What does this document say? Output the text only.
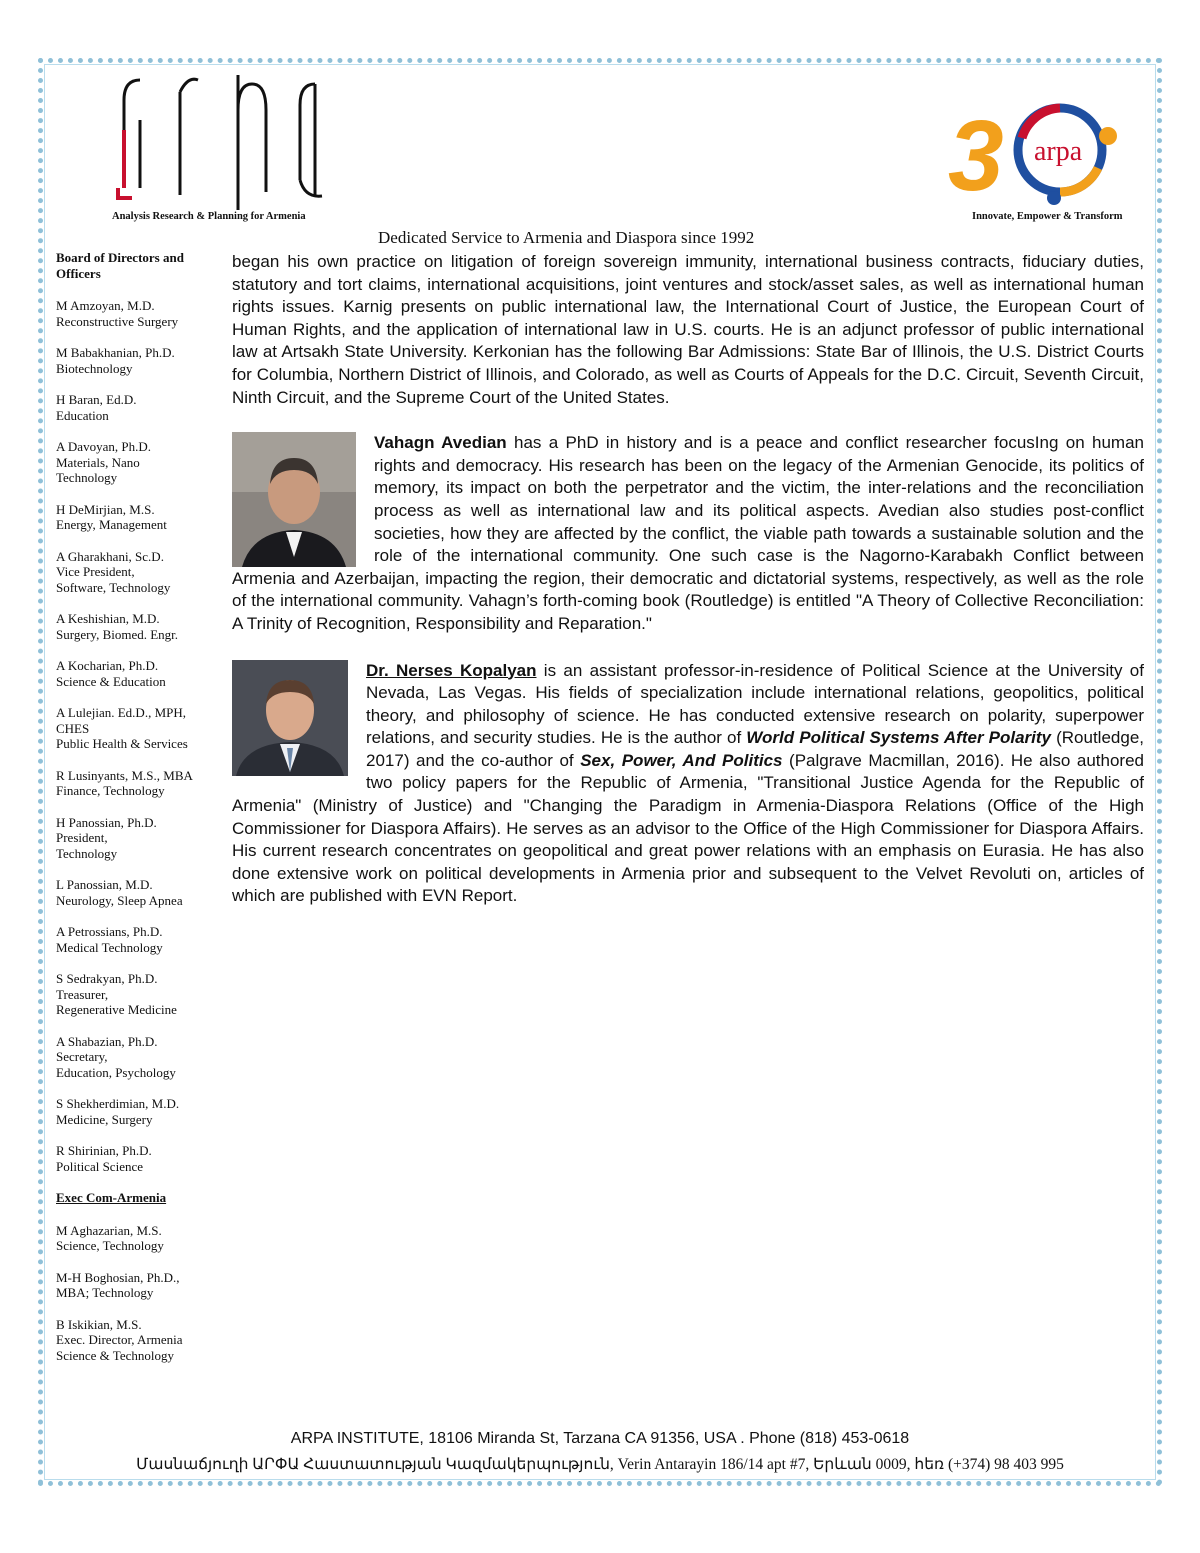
Analysis Research & Planning for Armenia
3 arpa
Innovate, Empower & Transform
Dedicated Service to Armenia and Diaspora since 1992
Board of Directors and Officers
M Amzoyan, M.D.
Reconstructive Surgery
M Babakhanian, Ph.D.
Biotechnology
H Baran, Ed.D.
Education
A Davoyan, Ph.D.
Materials, Nano
Technology
H DeMirjian, M.S.
Energy, Management
A Gharakhani, Sc.D.
Vice President,
Software, Technology
A Keshishian, M.D.
Surgery, Biomed. Engr.
A Kocharian, Ph.D.
Science & Education
A Lulejian. Ed.D., MPH,
CHES
Public Health & Services
R Lusinyants, M.S., MBA
Finance, Technology
H Panossian, Ph.D.
President,
Technology
L Panossian, M.D.
Neurology, Sleep Apnea
A Petrossians, Ph.D.
Medical Technology
S Sedrakyan, Ph.D.
Treasurer,
Regenerative Medicine
A Shabazian, Ph.D.
Secretary,
Education, Psychology
S Shekherdimian, M.D.
Medicine, Surgery
R Shirinian, Ph.D.
Political Science
Exec Com-Armenia
M Aghazarian, M.S.
Science, Technology
M-H Boghosian, Ph.D.,
MBA; Technology
B Iskikian, M.S.
Exec. Director, Armenia
Science & Technology

began his own practice on litigation of foreign sovereign immunity, international business contracts, fiduciary duties, statutory and tort claims, international acquisitions, joint ventures and stock/asset sales, as well as international human rights issues. Karnig presents on public international law, the International Court of Justice, the European Court of Human Rights, and the application of international law in U.S. courts. He is an adjunct professor of public international law at Artsakh State University. Kerkonian has the following Bar Admissions: State Bar of Illinois, the U.S. District Courts for Columbia, Northern District of Illinois, and Colorado, as well as Courts of Appeals for the D.C. Circuit, Seventh Circuit, Ninth Circuit, and the Supreme Court of the United States.

Vahagn Avedian has a PhD in history and is a peace and conflict researcher focusIng on human rights and democracy. His research has been on the legacy of the Armenian Genocide, its politics of memory, its impact on both the perpetrator and the victim, the inter-relations and the reconciliation process as well as international law and its political aspects. Avedian also studies post-conflict societies, how they are affected by the conflict, the viable path towards a sustainable solution and the role of the international community. One such case is the Nagorno-Karabakh Conflict between Armenia and Azerbaijan, impacting the region, their democratic and dictatorial systems, respectively, as well as the role of the international community. Vahagn’s forth-coming book (Routledge) is entitled "A Theory of Collective Reconciliation: A Trinity of Recognition, Responsibility and Reparation."

Dr. Nerses Kopalyan is an assistant professor-in-residence of Political Science at the University of Nevada, Las Vegas. His fields of specialization include international relations, geopolitics, political theory, and philosophy of science. He has conducted extensive research on polarity, superpower relations, and security studies. He is the author of World Political Systems After Polarity (Routledge, 2017) and the co-author of Sex, Power, And Politics (Palgrave Macmillan, 2016). He also authored two policy papers for the Republic of Armenia, "Transitional Justice Agenda for the Republic of Armenia" (Ministry of Justice) and "Changing the Paradigm in Armenia-Diaspora Relations (Office of the High Commissioner for Diaspora Affairs). He serves as an advisor to the Office of the High Commissioner for Diaspora Affairs. His current research concentrates on geopolitical and great power relations with an emphasis on Eurasia. He has also done extensive work on political developments in Armenia prior and subsequent to the Velvet Revoluti on, articles of which are published with EVN Report.

ARPA INSTITUTE, 18106 Miranda St, Tarzana CA 91356, USA . Phone (818) 453-0618
Մասնաճյուղի ԱՐՓԱ Հաստատության Կազմակերպություն, Verin Antarayin 186/14 apt #7, Երևան 0009, հեռ (+374) 98 403 995
